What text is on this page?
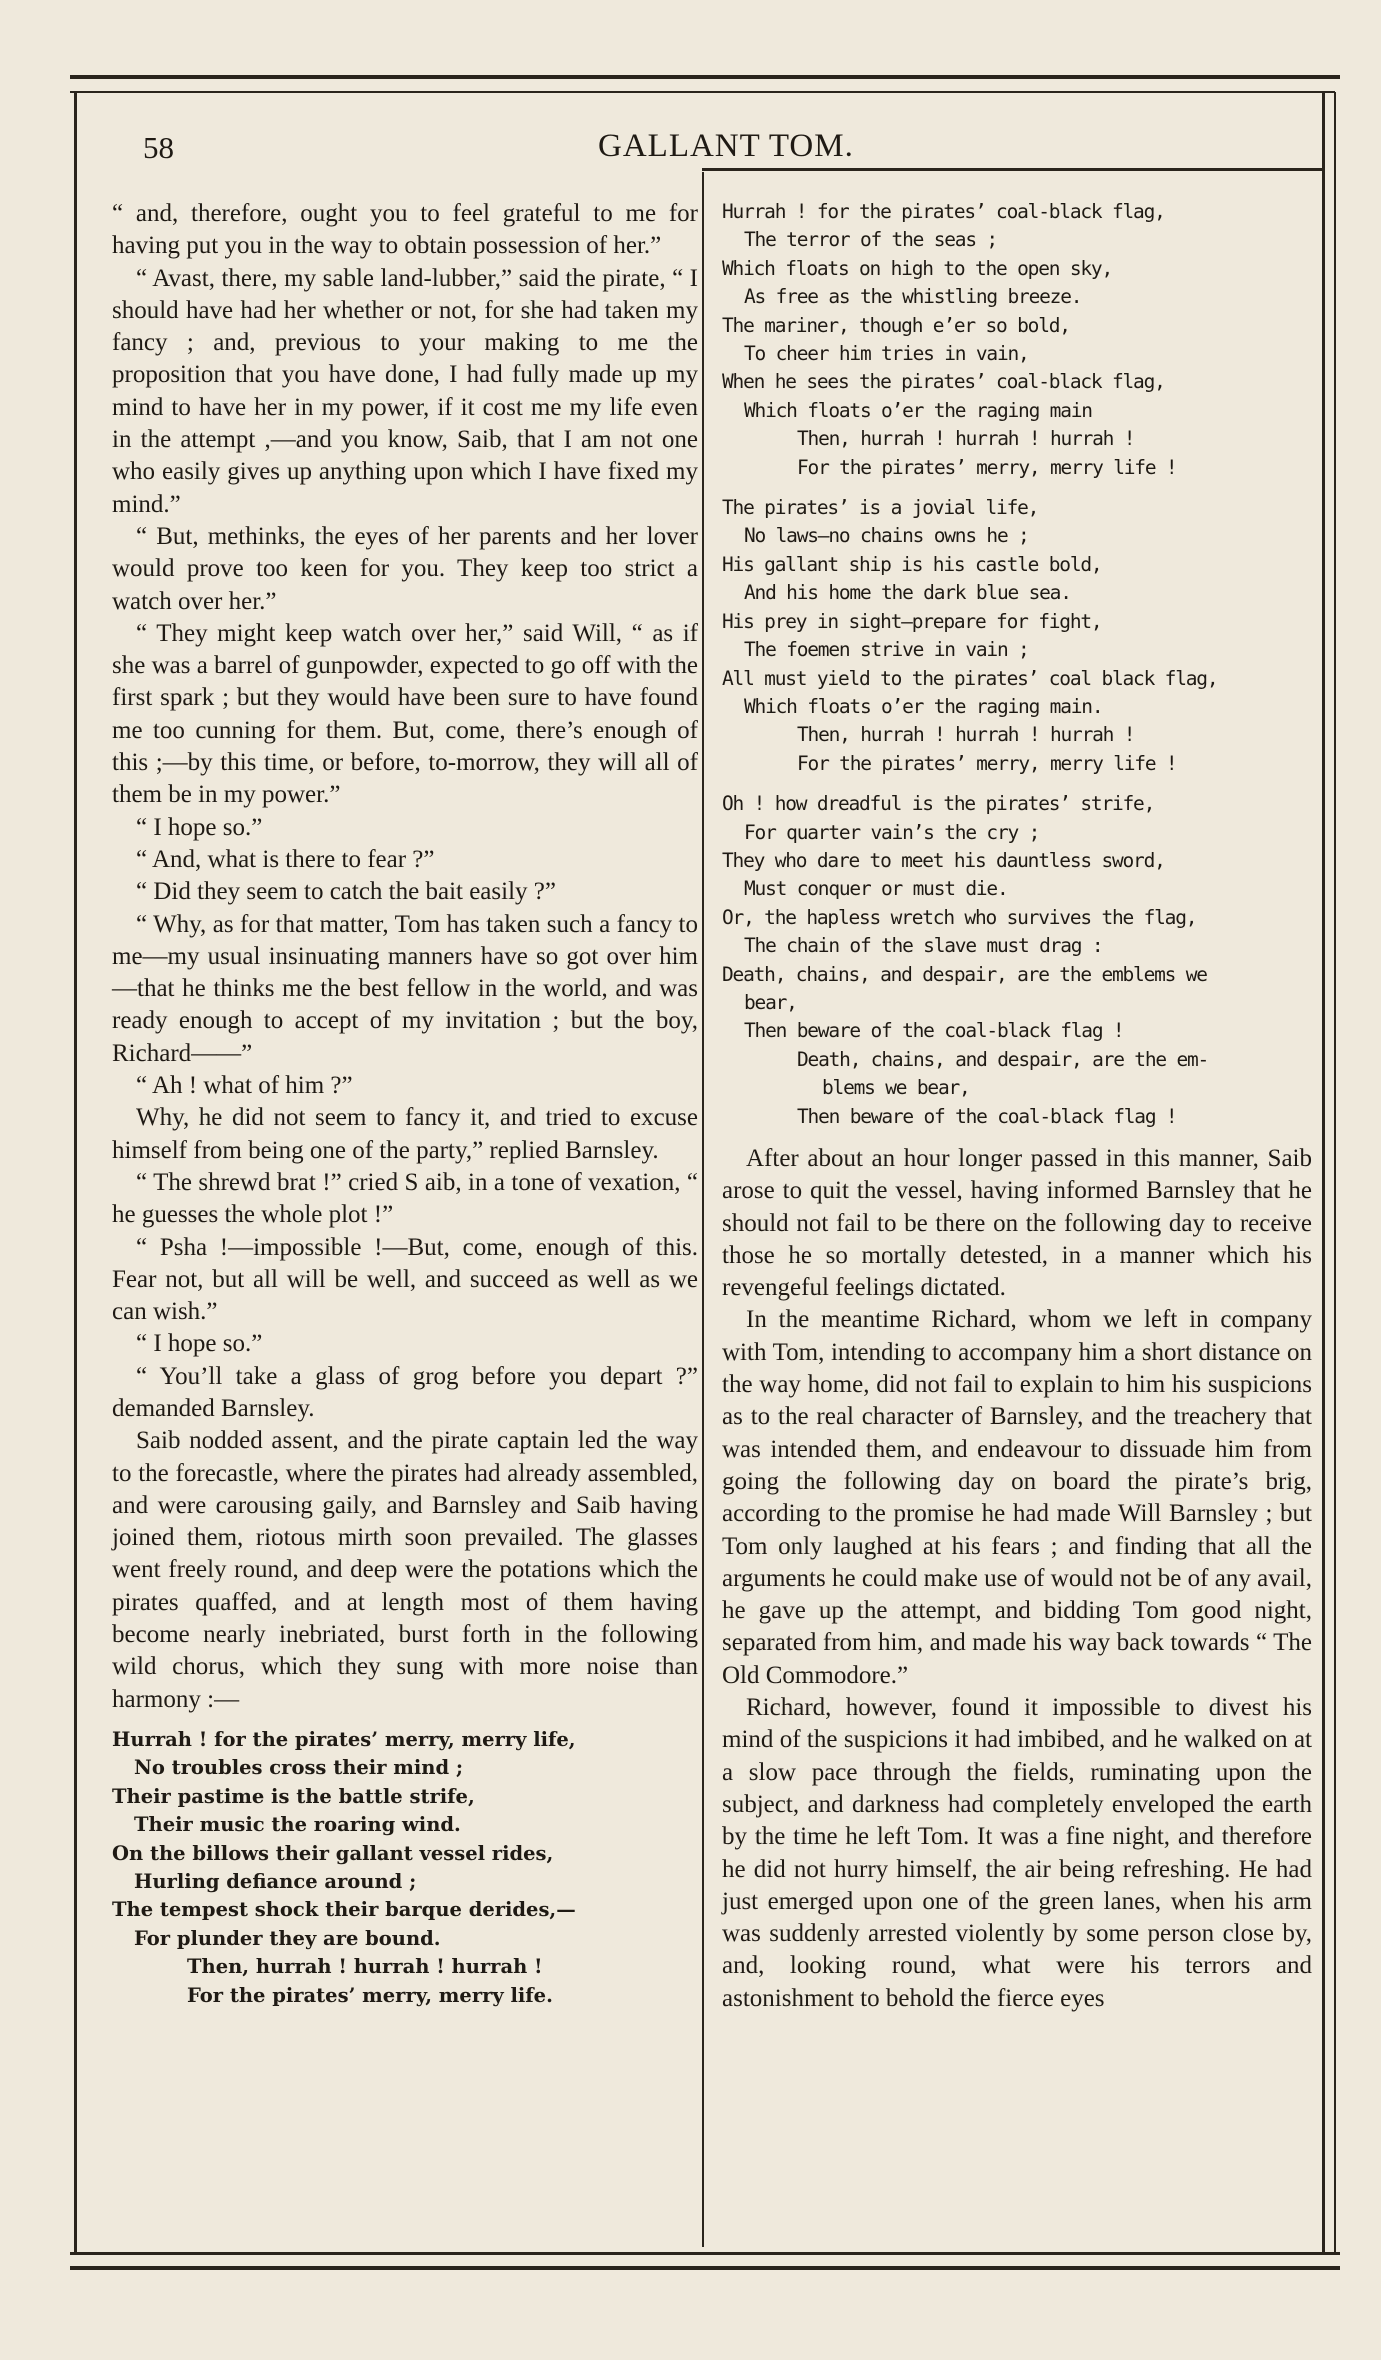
58	GALLANT TOM.

“ and, therefore, ought you to feel grateful to me for having put you in the way to obtain possession of her.”

“ Avast, there, my sable land-lubber,” said the pirate, “ I should have had her whether or not, for she had taken my fancy ; and, previous to your making to me the proposition that you have done, I had fully made up my mind to have her in my power, if it cost me my life even in the attempt ,—and you know, Saib, that I am not one who easily gives up anything upon which I have fixed my mind.”

“ But, methinks, the eyes of her parents and her lover would prove too keen for you. They keep too strict a watch over her.”

“ They might keep watch over her,” said Will, “ as if she was a barrel of gunpowder, expected to go off with the first spark ; but they would have been sure to have found me too cunning for them. But, come, there’s enough of this ;—by this time, or before, to-morrow, they will all of them be in my power.”

“ I hope so.”

“ And, what is there to fear ?”

“ Did they seem to catch the bait easily ?”

“ Why, as for that matter, Tom has taken such a fancy to me—my usual insinuating manners have so got over him—that he thinks me the best fellow in the world, and was ready enough to accept of my invitation ; but the boy, Richard——”

“ Ah ! what of him ?”

Why, he did not seem to fancy it, and tried to excuse himself from being one of the party,” replied Barnsley.

“ The shrewd brat !” cried S aib, in a tone of vexation, “ he guesses the whole plot !”

“ Psha !—impossible !—But, come, enough of this. Fear not, but all will be well, and succeed as well as we can wish.”

“ I hope so.”

“ You’ll take a glass of grog before you depart ?” demanded Barnsley.

Saib nodded assent, and the pirate captain led the way to the forecastle, where the pirates had already assembled, and were carousing gaily, and Barnsley and Saib having joined them, riotous mirth soon prevailed. The glasses went freely round, and deep were the potations which the pirates quaffed, and at length most of them having become nearly inebriated, burst forth in the following wild chorus, which they sung with more noise than harmony :—

Hurrah ! for the pirates’ merry, merry life,
No troubles cross their mind ;
Their pastime is the battle strife,
Their music the roaring wind.
On the billows their gallant vessel rides,
Hurling defiance around ;
The tempest shock their barque derides,—
For plunder they are bound.
Then, hurrah ! hurrah ! hurrah !
For the pirates’ merry, merry life.
Hurrah ! for the pirates’ coal-black flag,
The terror of the seas ;
Which floats on high to the open sky,
As free as the whistling breeze.
The mariner, though e’er so bold,
To cheer him tries in vain,
When he sees the pirates’ coal-black flag,
Which floats o’er the raging main
Then, hurrah ! hurrah ! hurrah !
For the pirates’ merry, merry life !
The pirates’ is a jovial life,
No laws—no chains owns he ;
His gallant ship is his castle bold,
And his home the dark blue sea.
His prey in sight—prepare for fight,
The foemen strive in vain ;
All must yield to the pirates’ coal black flag,
Which floats o’er the raging main.
Then, hurrah ! hurrah ! hurrah !
For the pirates’ merry, merry life !
Oh ! how dreadful is the pirates’ strife,
For quarter vain’s the cry ;
They who dare to meet his dauntless sword,
Must conquer or must die.
Or, the hapless wretch who survives the flag,
The chain of the slave must drag :
Death, chains, and despair, are the emblems we
bear,
Then beware of the coal-black flag !
Death, chains, and despair, are the em-
blems we bear,
Then beware of the coal-black flag !

After about an hour longer passed in this manner, Saib arose to quit the vessel, having informed Barnsley that he should not fail to be there on the following day to receive those he so mortally detested, in a manner which his revengeful feelings dictated.

In the meantime Richard, whom we left in company with Tom, intending to accompany him a short distance on the way home, did not fail to explain to him his suspicions as to the real character of Barnsley, and the treachery that was intended them, and endeavour to dissuade him from going the following day on board the pirate’s brig, according to the promise he had made Will Barnsley ; but Tom only laughed at his fears ; and finding that all the arguments he could make use of would not be of any avail, he gave up the attempt, and bidding Tom good night, separated from him, and made his way back towards “ The Old Commodore.”

Richard, however, found it impossible to divest his mind of the suspicions it had imbibed, and he walked on at a slow pace through the fields, ruminating upon the subject, and darkness had completely enveloped the earth by the time he left Tom. It was a fine night, and therefore he did not hurry himself, the air being refreshing. He had just emerged upon one of the green lanes, when his arm was suddenly arrested violently by some person close by, and, looking round, what were his terrors and astonishment to behold the fierce eyes
